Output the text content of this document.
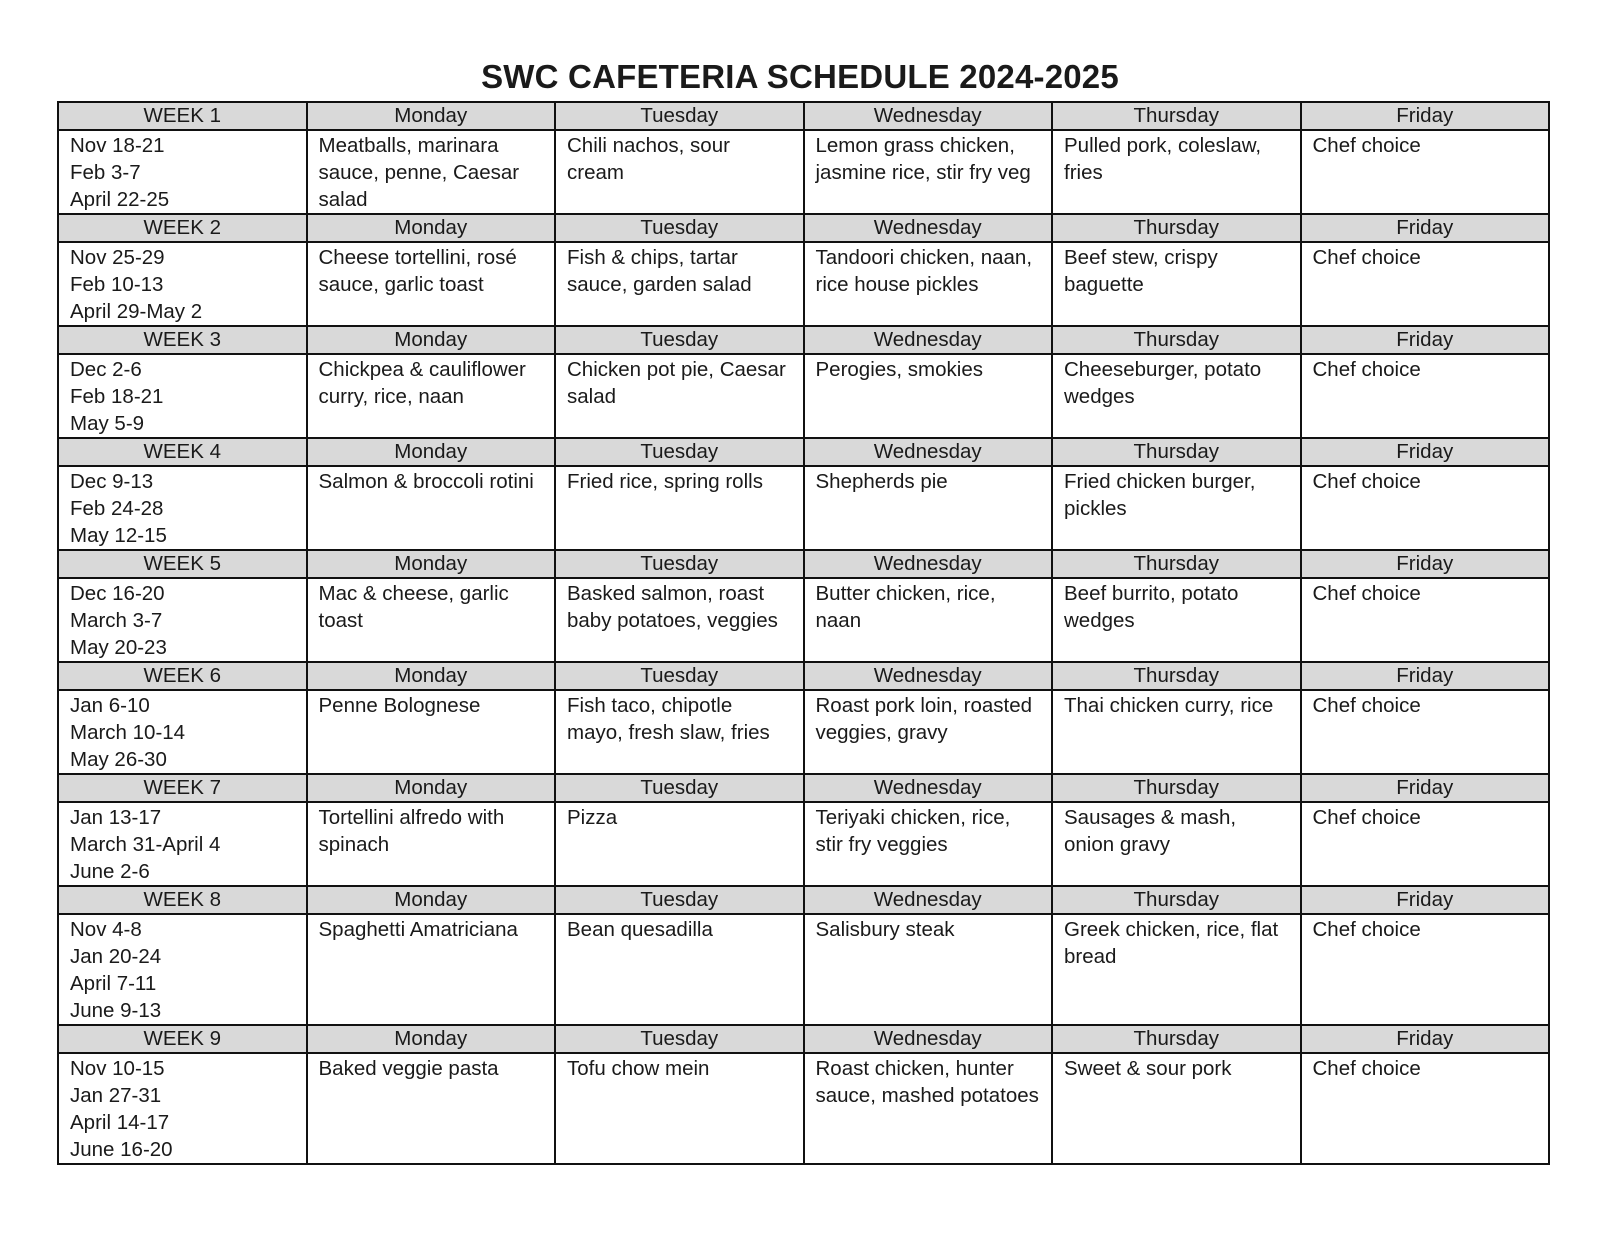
SWC CAFETERIA SCHEDULE 2024-2025
WEEK 1	Monday	Tuesday	Wednesday	Thursday	Friday

Nov 18-21
Feb 3-7
April 22-25	Meatballs, marinara sauce, penne, Caesar salad	Chili nachos, sour cream	Lemon grass chicken, jasmine rice, stir fry veg	Pulled pork, coleslaw, fries	Chef choice
WEEK 2	Monday	Tuesday	Wednesday	Thursday	Friday

Nov 25-29
Feb 10-13
April 29-May 2	Cheese tortellini, rosé sauce, garlic toast	Fish & chips, tartar sauce, garden salad	Tandoori chicken, naan, rice house pickles	Beef stew, crispy baguette	Chef choice
WEEK 3	Monday	Tuesday	Wednesday	Thursday	Friday

Dec 2-6
Feb 18-21
May 5-9	Chickpea & cauliflower curry, rice, naan	Chicken pot pie, Caesar salad	Perogies, smokies	Cheeseburger, potato wedges	Chef choice
WEEK 4	Monday	Tuesday	Wednesday	Thursday	Friday

Dec 9-13
Feb 24-28
May 12-15	Salmon & broccoli rotini	Fried rice, spring rolls	Shepherds pie	Fried chicken burger, pickles	Chef choice
WEEK 5	Monday	Tuesday	Wednesday	Thursday	Friday

Dec 16-20
March 3-7
May 20-23	Mac & cheese, garlic toast	Basked salmon, roast baby potatoes, veggies	Butter chicken, rice, naan	Beef burrito, potato wedges	Chef choice
WEEK 6	Monday	Tuesday	Wednesday	Thursday	Friday

Jan 6-10
March 10-14
May 26-30	Penne Bolognese	Fish taco, chipotle mayo, fresh slaw, fries	Roast pork loin, roasted veggies, gravy	Thai chicken curry, rice	Chef choice
WEEK 7	Monday	Tuesday	Wednesday	Thursday	Friday

Jan 13-17
March 31-April 4
June 2-6	Tortellini alfredo with spinach	Pizza	Teriyaki chicken, rice, stir fry veggies	Sausages & mash, onion gravy	Chef choice
WEEK 8	Monday	Tuesday	Wednesday	Thursday	Friday

Nov 4-8
Jan 20-24
April 7-11
June 9-13	Spaghetti Amatriciana	Bean quesadilla	Salisbury steak	Greek chicken, rice, flat bread	Chef choice
WEEK 9	Monday	Tuesday	Wednesday	Thursday	Friday

Nov 10-15
Jan 27-31
April 14-17
June 16-20	Baked veggie pasta	Tofu chow mein	Roast chicken, hunter sauce, mashed potatoes	Sweet & sour pork	Chef choice
